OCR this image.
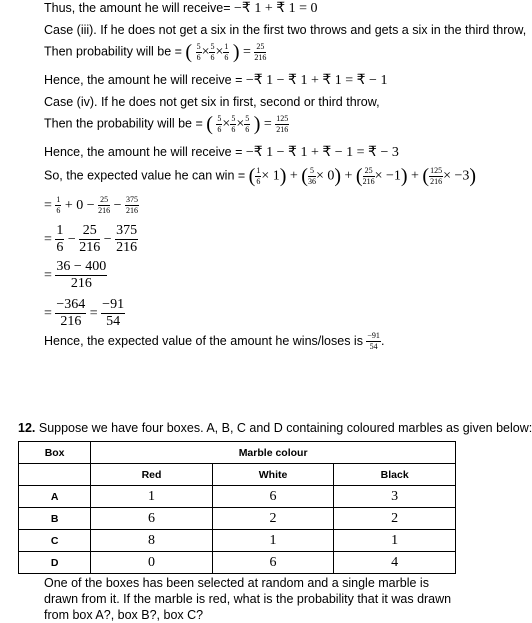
Thus, the amount he will receive= −₹ 1 + ₹ 1 = 0
Case (iii). If he does not get a six in the first two throws and gets a six in the third throw,
Then probability will be = ( $\frac{5}{6} \times \frac{5}{6} \times \frac{1}{6}$ ) = $\frac{25}{216}$
Hence, the amount he will receive = −₹ 1 − ₹ 1 + ₹ 1 = ₹ − 1
Case (iv). If he does not get six in first, second or third throw,
Then the probability will be = ( $\frac{5}{6} \times \frac{5}{6} \times \frac{5}{6}$ ) = $\frac{125}{216}$
Hence, the amount he will receive = −₹ 1 − ₹ 1 + ₹ − 1 = ₹ − 3
So, the expected value he can win = ( $\frac{1}{6} \times 1$) + ( $\frac{5}{36} \times 0$) + ( $\frac{25}{216} \times -1$) + ( $\frac{125}{216} \times -3$)
= $\frac{1}{6} + 0 - \frac{25}{216} - \frac{375}{216}$
= $\frac{1}{6} - \frac{25}{216} - \frac{375}{216}$
= $\frac{36 - 400}{216}$
= $\frac{-364}{216} = \frac{-91}{54}$
Hence, the expected value of the amount he wins/loses is $\frac{-91}{54}$ .
12. Suppose we have four boxes. A, B, C and D containing coloured marbles as given below:
Box	Marble colour		
	Red	White	Black
A	1	6	3
B	6	2	2
C	8	1	1
D	0	6	4
One of the boxes has been selected at random and a single marble is drawn from it. If the marble is red, what is the probability that it was drawn from box A?, box B?, box C?
